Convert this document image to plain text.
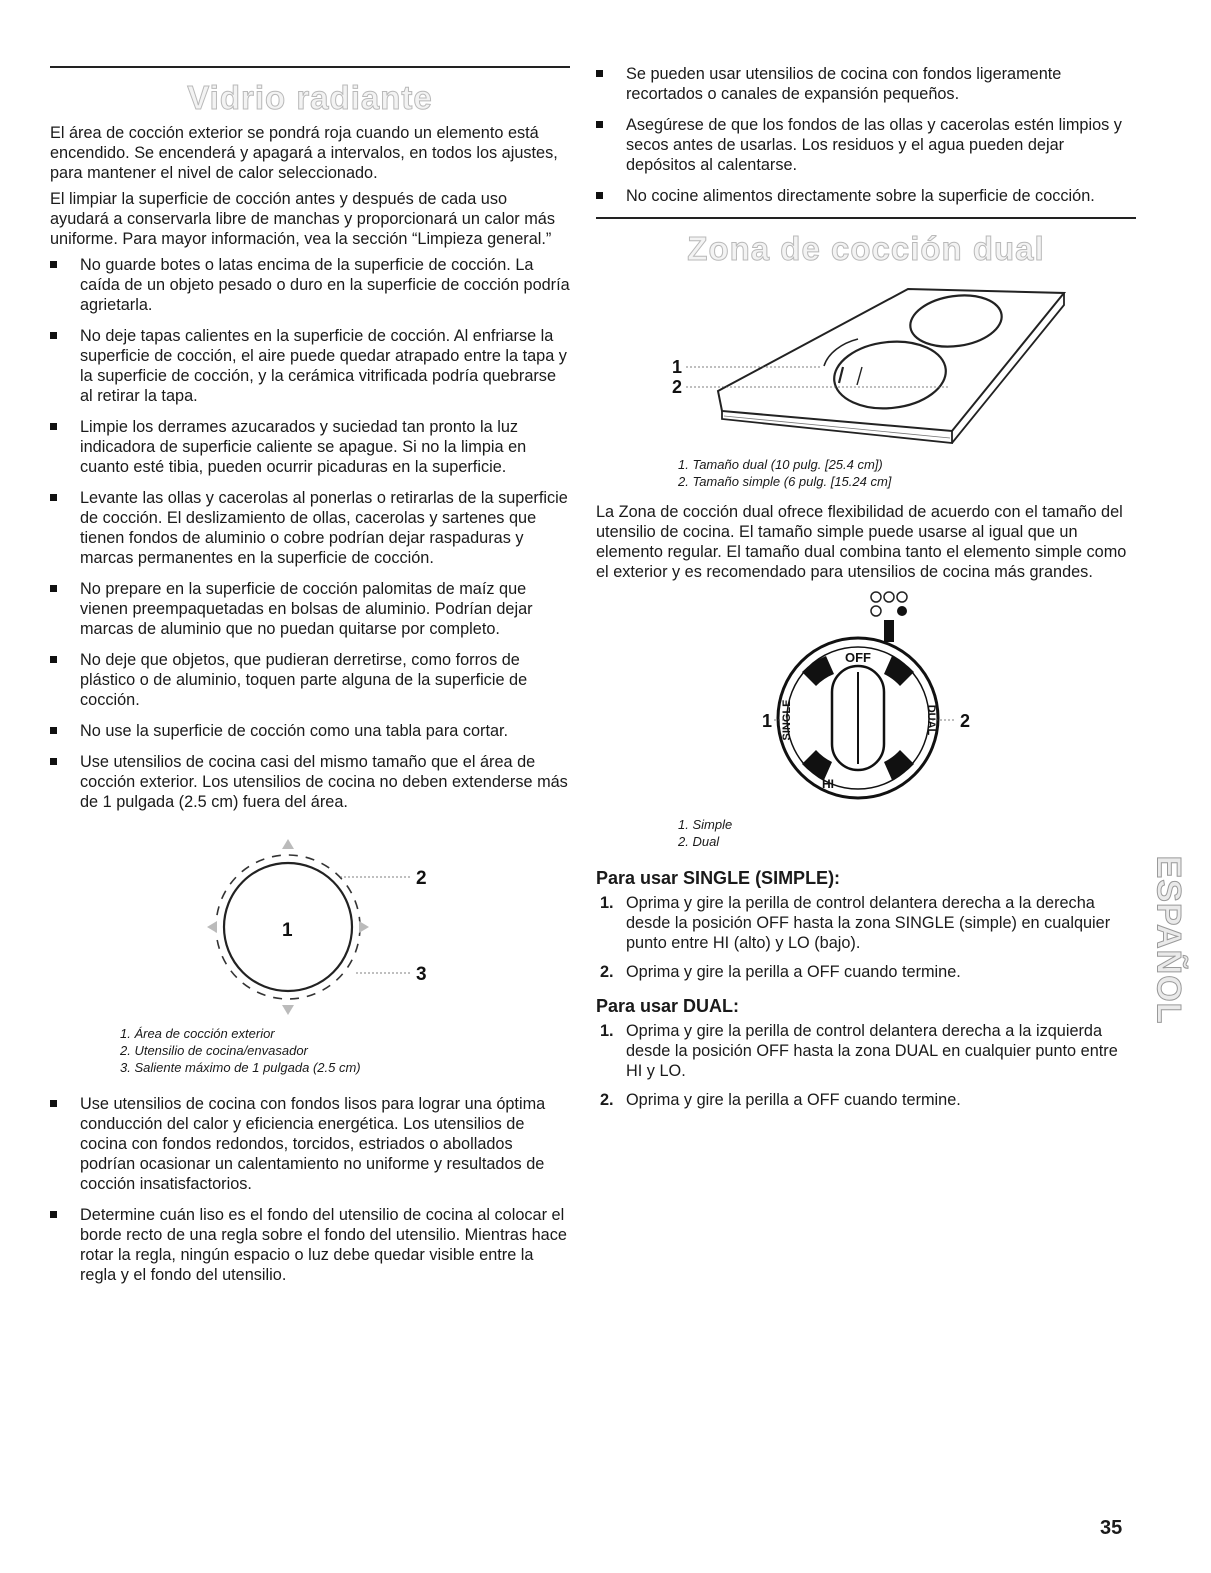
Vidrio radiante

El área de cocción exterior se pondrá roja cuando un elemento está encendido. Se encenderá y apagará a intervalos, en todos los ajustes, para mantener el nivel de calor seleccionado.

El limpiar la superficie de cocción antes y después de cada uso ayudará a conservarla libre de manchas y proporcionará un calor más uniforme. Para mayor información, vea la sección “Limpieza general.”

No guarde botes o latas encima de la superficie de cocción. La caída de un objeto pesado o duro en la superficie de cocción podría agrietarla.
No deje tapas calientes en la superficie de cocción. Al enfriarse la superficie de cocción, el aire puede quedar atrapado entre la tapa y la superficie de cocción, y la cerámica vitrificada podría quebrarse al retirar la tapa.
Limpie los derrames azucarados y suciedad tan pronto la luz indicadora de superficie caliente se apague. Si no la limpia en cuanto esté tibia, pueden ocurrir picaduras en la superficie.
Levante las ollas y cacerolas al ponerlas o retirarlas de la superficie de cocción. El deslizamiento de ollas, cacerolas y sartenes que tienen fondos de aluminio o cobre podrían dejar raspaduras y marcas permanentes en la superficie de cocción.
No prepare en la superficie de cocción palomitas de maíz que vienen preempaquetadas en bolsas de aluminio. Podrían dejar marcas de aluminio que no puedan quitarse por completo.
No deje que objetos, que pudieran derretirse, como forros de plástico o de aluminio, toquen parte alguna de la superficie de cocción.
No use la superficie de cocción como una tabla para cortar.
Use utensilios de cocina casi del mismo tamaño que el área de cocción exterior. Los utensilios de cocina no deben extenderse más de 1 pulgada (2.5 cm) fuera del área.
1
2
3
1. Área de cocción exterior
2. Utensilio de cocina/envasador
3. Saliente máximo de 1 pulgada (2.5 cm)
Use utensilios de cocina con fondos lisos para lograr una óptima conducción del calor y eficiencia energética. Los utensilios de cocina con fondos redondos, torcidos, estriados o abollados podrían ocasionar un calentamiento no uniforme y resultados de cocción insatisfactorios.
Determine cuán liso es el fondo del utensilio de cocina al colocar el borde recto de una regla sobre el fondo del utensilio. Mientras hace rotar la regla, ningún espacio o luz debe quedar visible entre la regla y el fondo del utensilio.
Se pueden usar utensilios de cocina con fondos ligeramente recortados o canales de expansión pequeños.
Asegúrese de que los fondos de las ollas y cacerolas estén limpios y secos antes de usarlas. Los residuos y el agua pueden dejar depósitos al calentarse.
No cocine alimentos directamente sobre la superficie de cocción.
Zona de cocción dual
1
2
1. Tamaño dual (10 pulg. [25.4 cm])
2. Tamaño simple (6 pulg. [15.24 cm]

La Zona de cocción dual ofrece flexibilidad de acuerdo con el tamaño del utensilio de cocina. El tamaño simple puede usarse al igual que un elemento regular. El tamaño dual combina tanto el elemento simple como el exterior y es recomendado para utensilios de cocina más grandes.

OFF
HI
SINGLE	DUAL
1	2
1. Simple
2. Dual
Para usar SINGLE (SIMPLE):
1. Oprima y gire la perilla de control delantera derecha a la derecha desde la posición OFF hasta la zona SINGLE (simple) en cualquier punto entre HI (alto) y LO (bajo).
2. Oprima y gire la perilla a OFF cuando termine.
Para usar DUAL:
1. Oprima y gire la perilla de control delantera derecha a la izquierda desde la posición OFF hasta la zona DUAL en cualquier punto entre HI y LO.
2. Oprima y gire la perilla a OFF cuando termine.
ESPAÑOL
35
